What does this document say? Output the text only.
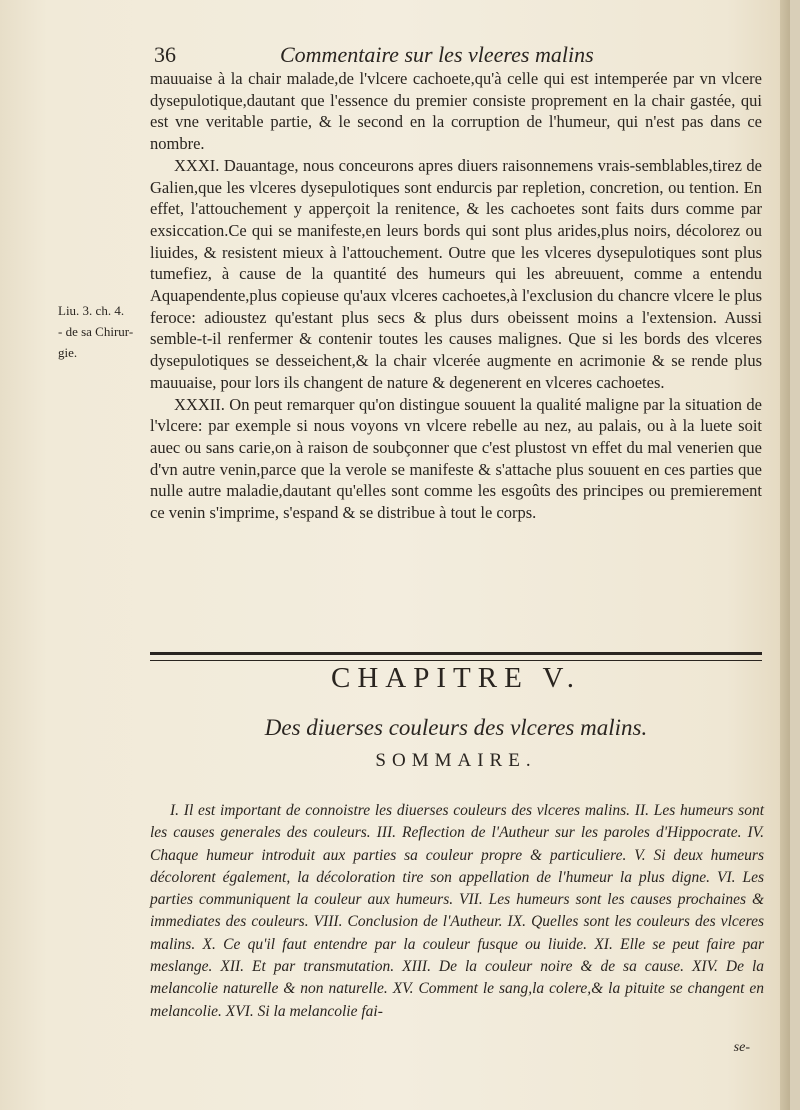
36	Commentaire sur les vleeres malins
Liu. 3. ch. 4.
- de sa Chirur-
gie.

mauuaise à la chair malade,de l'vlcere cachoete,qu'à celle qui est intemperée par vn vlcere dysepulotique,dautant que l'essence du premier consiste proprement en la chair gastée, qui est vne veritable partie, & le second en la corruption de l'humeur, qui n'est pas dans ce nombre.

XXXI. Dauantage, nous conceurons apres diuers raisonnemens vrais-semblables,tirez de Galien,que les vlceres dysepulotiques sont endurcis par repletion, concretion, ou tention. En effet, l'attouchement y apperçoit la renitence, & les cachoetes sont faits durs comme par exsiccation.Ce qui se manifeste,en leurs bords qui sont plus arides,plus noirs, décolorez ou liuides, & resistent mieux à l'attouchement. Outre que les vlceres dysepulotiques sont plus tumefiez, à cause de la quantité des humeurs qui les abreuuent, comme a entendu Aquapendente,plus copieuse qu'aux vlceres cachoetes,à l'exclusion du chancre vlcere le plus feroce: adioustez qu'estant plus secs & plus durs obeissent moins a l'extension. Aussi semble-t-il renfermer & contenir toutes les causes malignes. Que si les bords des vlceres dysepulotiques se desseichent,& la chair vlcerée augmente en acrimonie & se rende plus mauuaise, pour lors ils changent de nature & degenerent en vlceres cachoetes.

XXXII. On peut remarquer qu'on distingue souuent la qualité maligne par la situation de l'vlcere: par exemple si nous voyons vn vlcere rebelle au nez, au palais, ou à la luete soit auec ou sans carie,on à raison de soubçonner que c'est plustost vn effet du mal venerien que d'vn autre venin,parce que la verole se manifeste & s'attache plus souuent en ces parties que nulle autre maladie,dautant qu'elles sont comme les esgoûts des principes ou premierement ce venin s'imprime, s'espand & se distribue à tout le corps.

CHAPITRE V.
Des diuerses couleurs des vlceres malins.
SOMMAIRE.

I. Il est important de connoistre les diuerses couleurs des vlceres malins. II. Les humeurs sont les causes generales des couleurs. III. Reflection de l'Autheur sur les paroles d'Hippocrate. IV. Chaque humeur introduit aux parties sa couleur propre & particuliere. V. Si deux humeurs décolorent également, la décoloration tire son appellation de l'humeur la plus digne. VI. Les parties communiquent la couleur aux humeurs. VII. Les humeurs sont les causes prochaines & immediates des couleurs. VIII. Conclusion de l'Autheur. IX. Quelles sont les couleurs des vlceres malins. X. Ce qu'il faut entendre par la couleur fusque ou liuide. XI. Elle se peut faire par meslange. XII. Et par transmutation. XIII. De la couleur noire & de sa cause. XIV. De la melancolie naturelle & non naturelle. XV. Comment le sang,la colere,& la pituite se changent en melancolie. XVI. Si la melancolie fai-

se-
